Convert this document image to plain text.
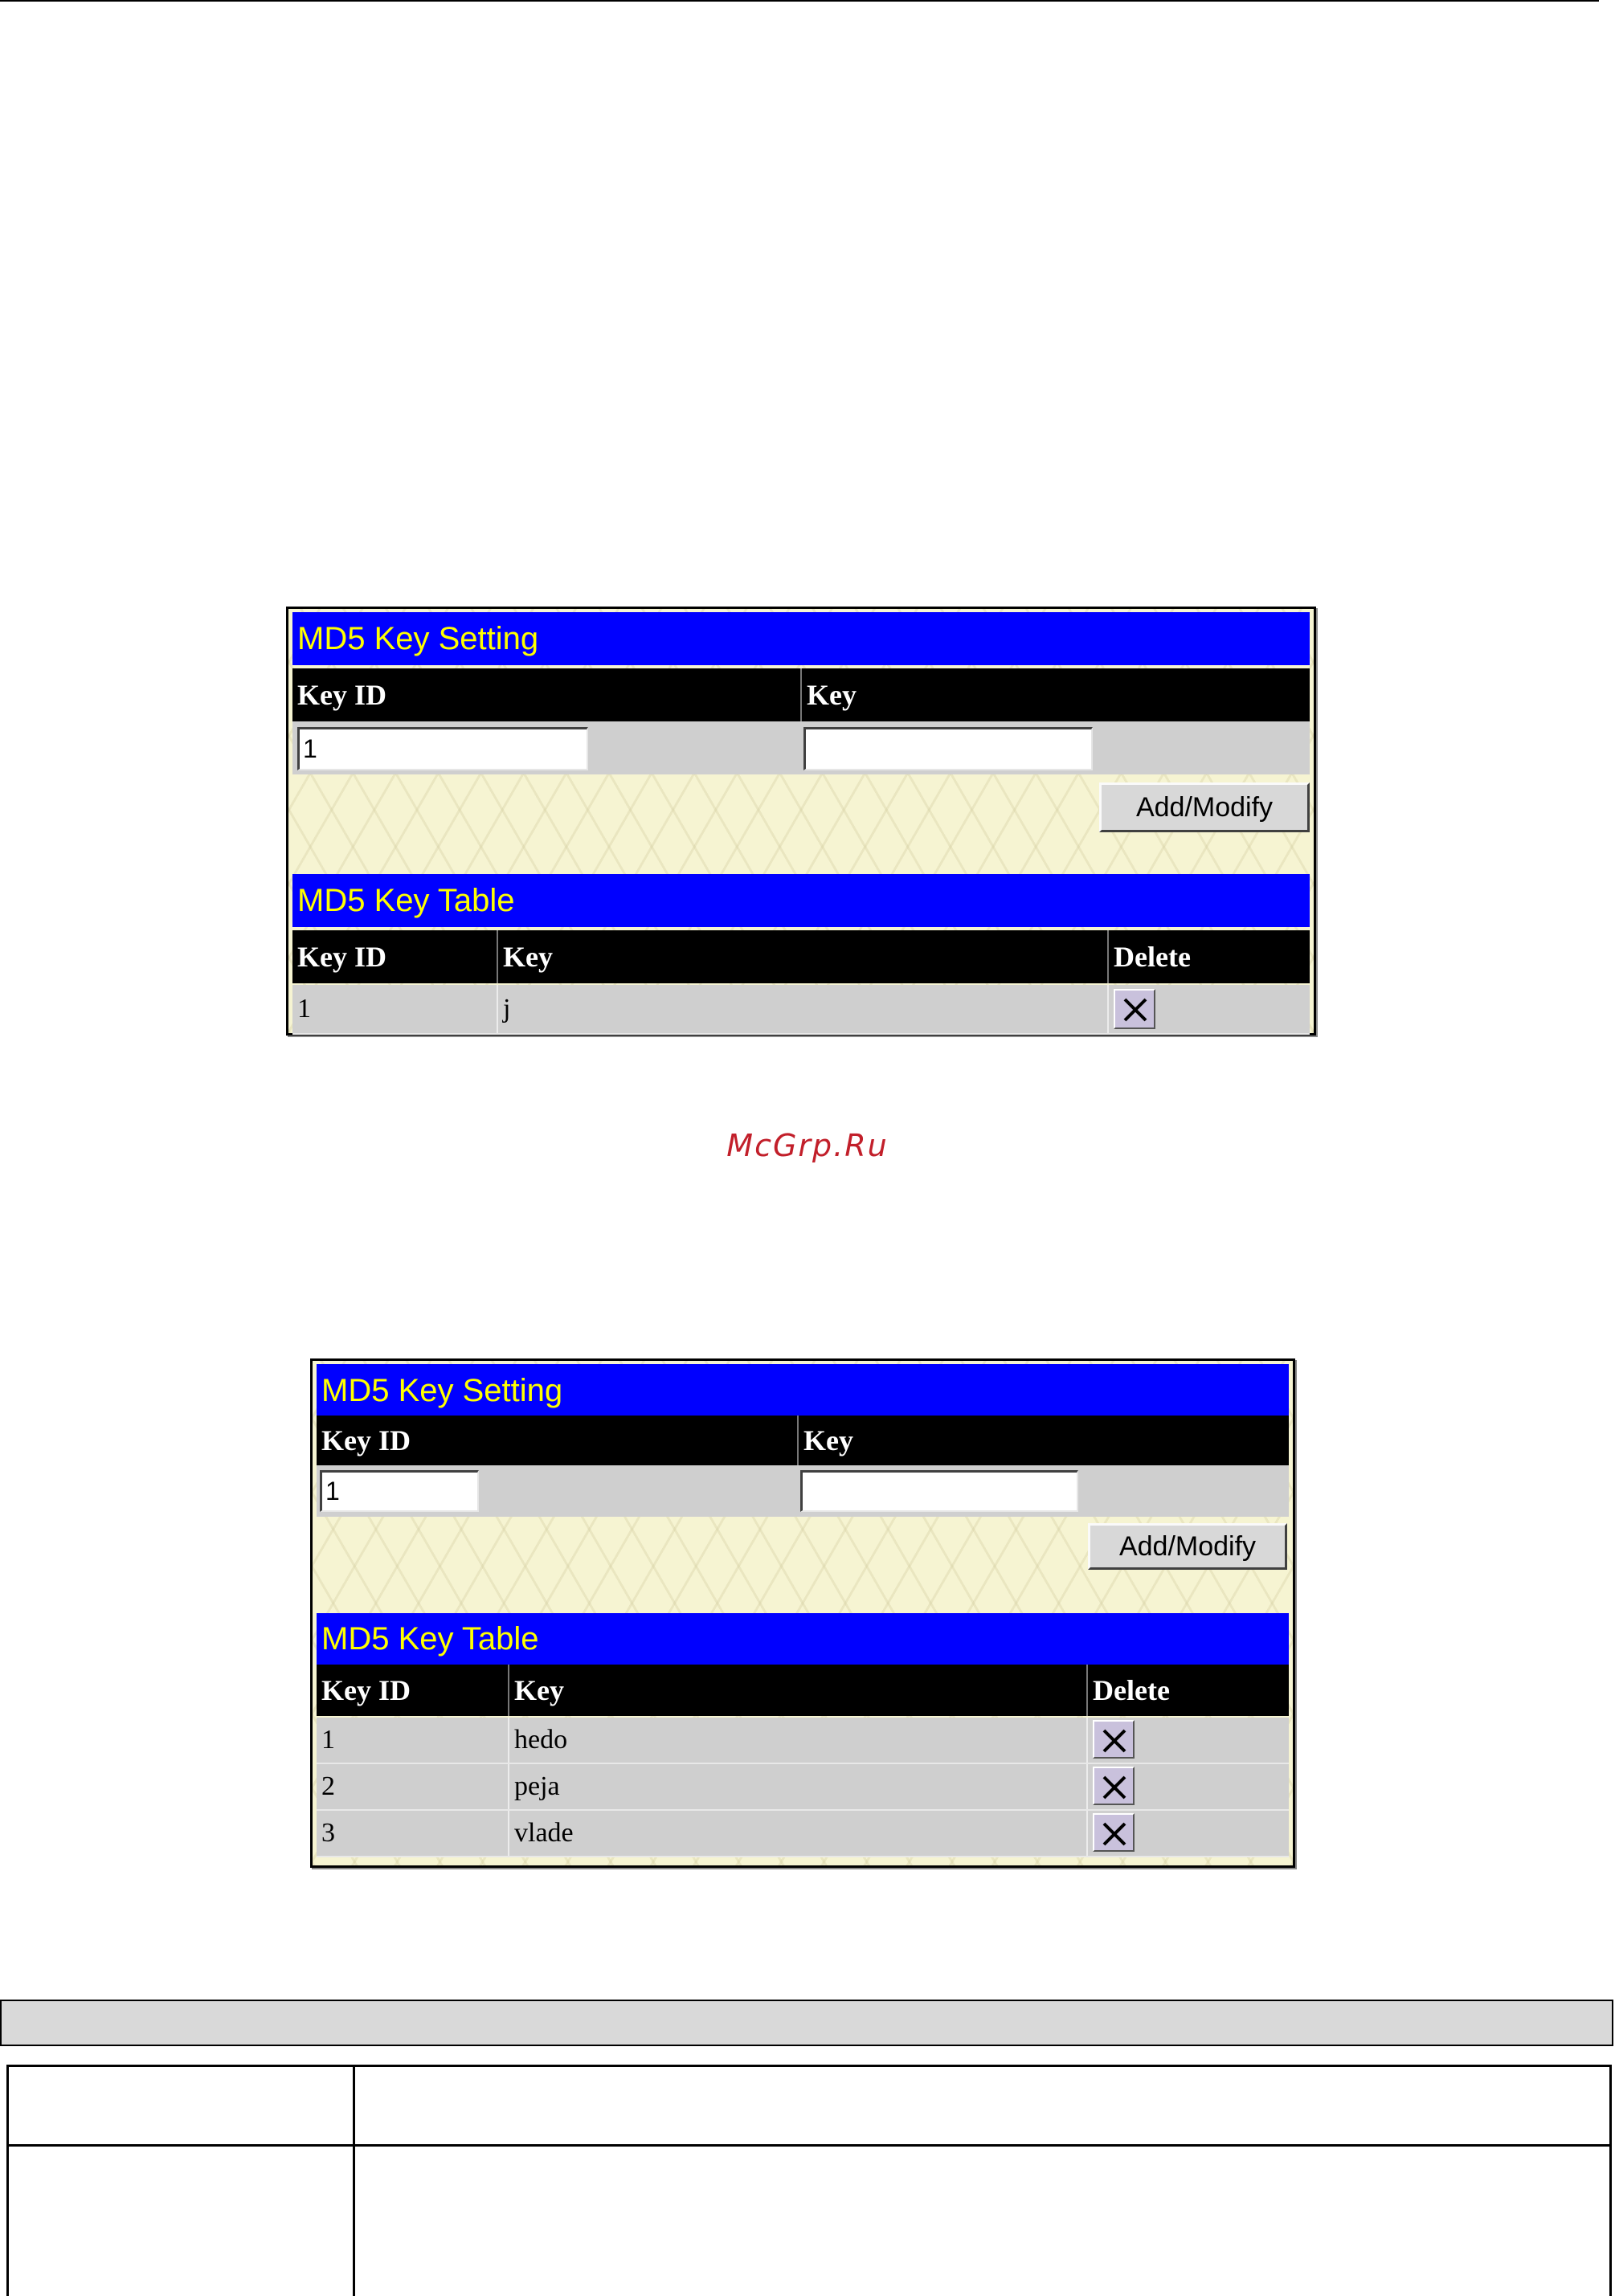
MD5 Key Setting
Key ID	Key
1
Add/Modify
MD5 Key Table
Key ID	Key	Delete
1	j
McGrp.Ru
MD5 Key Setting
Key ID	Key
1
Add/Modify
MD5 Key Table
Key ID	Key	Delete
1	hedo
2	peja
3	vlade
